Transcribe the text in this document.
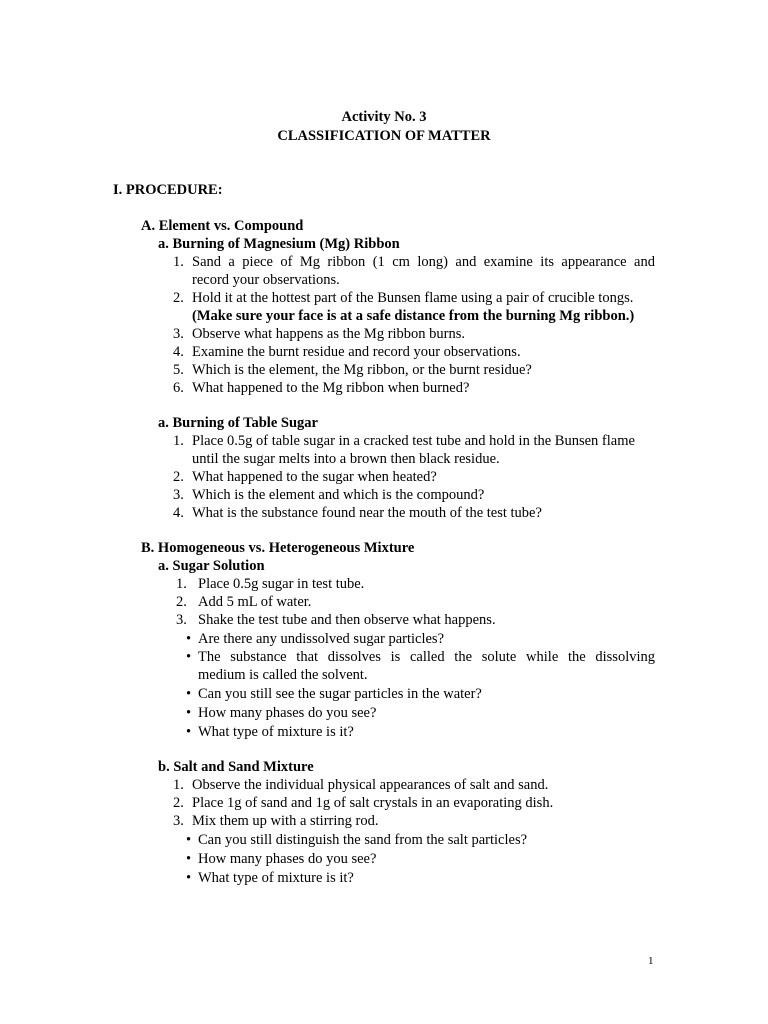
Activity No. 3
CLASSIFICATION OF MATTER
I. PROCEDURE:
A. Element vs. Compound
a. Burning of Magnesium (Mg) Ribbon
1. Sand a piece of Mg ribbon (1 cm long) and examine its appearance and
record your observations.
2. Hold it at the hottest part of the Bunsen flame using a pair of crucible tongs.
(Make sure your face is at a safe distance from the burning Mg ribbon.)
3. Observe what happens as the Mg ribbon burns.
4. Examine the burnt residue and record your observations.
5. Which is the element, the Mg ribbon, or the burnt residue?
6. What happened to the Mg ribbon when burned?
a. Burning of Table Sugar
1. Place 0.5g of table sugar in a cracked test tube and hold in the Bunsen flame
until the sugar melts into a brown then black residue.
2. What happened to the sugar when heated?
3. Which is the element and which is the compound?
4. What is the substance found near the mouth of the test tube?
B. Homogeneous vs. Heterogeneous Mixture
a. Sugar Solution
1. Place 0.5g sugar in test tube.
2. Add 5 mL of water.
3. Shake the test tube and then observe what happens.
• Are there any undissolved sugar particles?
• The substance that dissolves is called the solute while the dissolving
medium is called the solvent.
• Can you still see the sugar particles in the water?
• How many phases do you see?
• What type of mixture is it?
b. Salt and Sand Mixture
1. Observe the individual physical appearances of salt and sand.
2. Place 1g of sand and 1g of salt crystals in an evaporating dish.
3. Mix them up with a stirring rod.
• Can you still distinguish the sand from the salt particles?
• How many phases do you see?
• What type of mixture is it?
1
